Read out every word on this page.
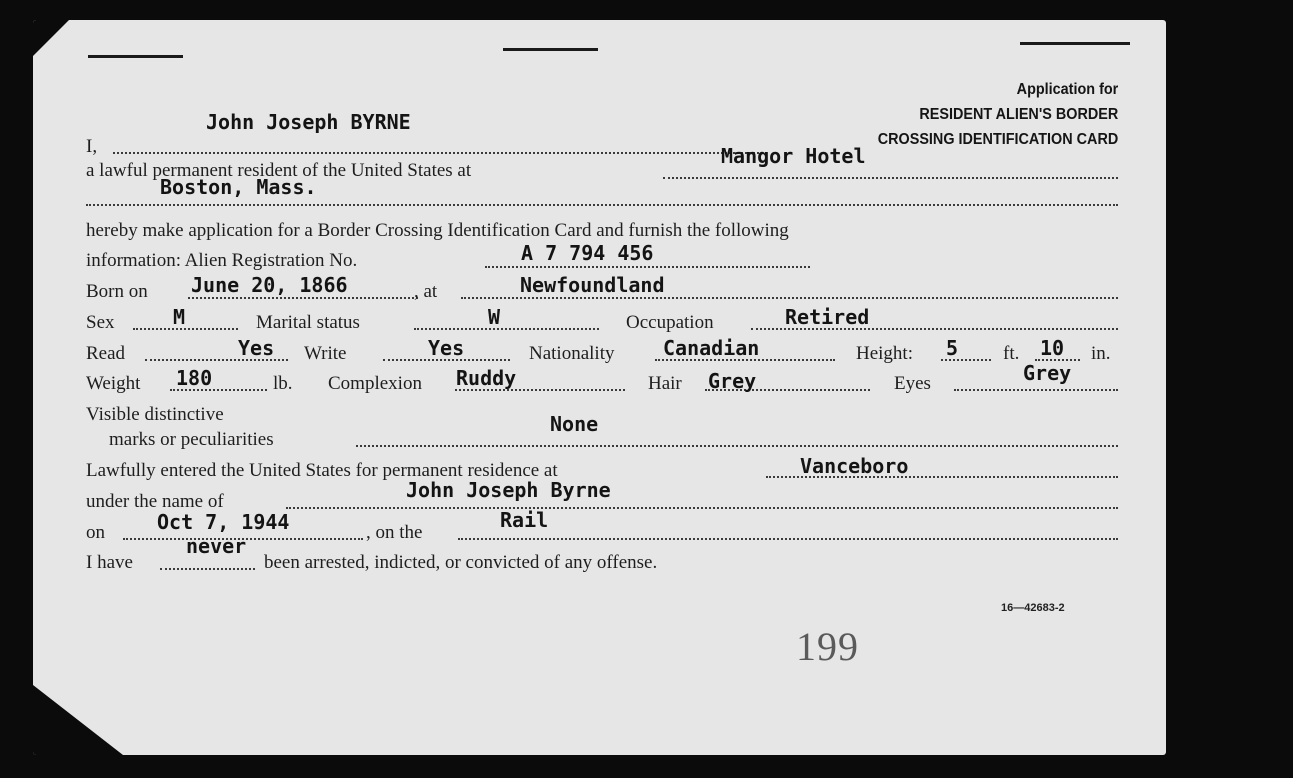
Application for
RESIDENT ALIEN'S BORDER
CROSSING IDENTIFICATION CARD
I,
John Joseph BYRNE
a lawful permanent resident of the United States at
Mangor Hotel
Boston, Mass.
hereby make application for a Border Crossing Identification Card and furnish the following
information: Alien Registration No.	A 7 794 456
Born on June 20, 1866	, at	Newfoundland
Sex	M	Marital status	W	Occupation	Retired
Read	Yes Write	Yes	Nationality Canadian	Height: 5 ft. 10 in.
Weight 180	lb. Complexion Ruddy	Hair Grey	Eyes	Grey
Visible distinctive
marks or peculiarities
None
Lawfully entered the United States for permanent residence at	Vanceboro
under the name of	John Joseph Byrne
on	Oct 7, 1944	, on the
Rail
I have
never
been arrested, indicted, or convicted of any offense.
16—42683-2
199
